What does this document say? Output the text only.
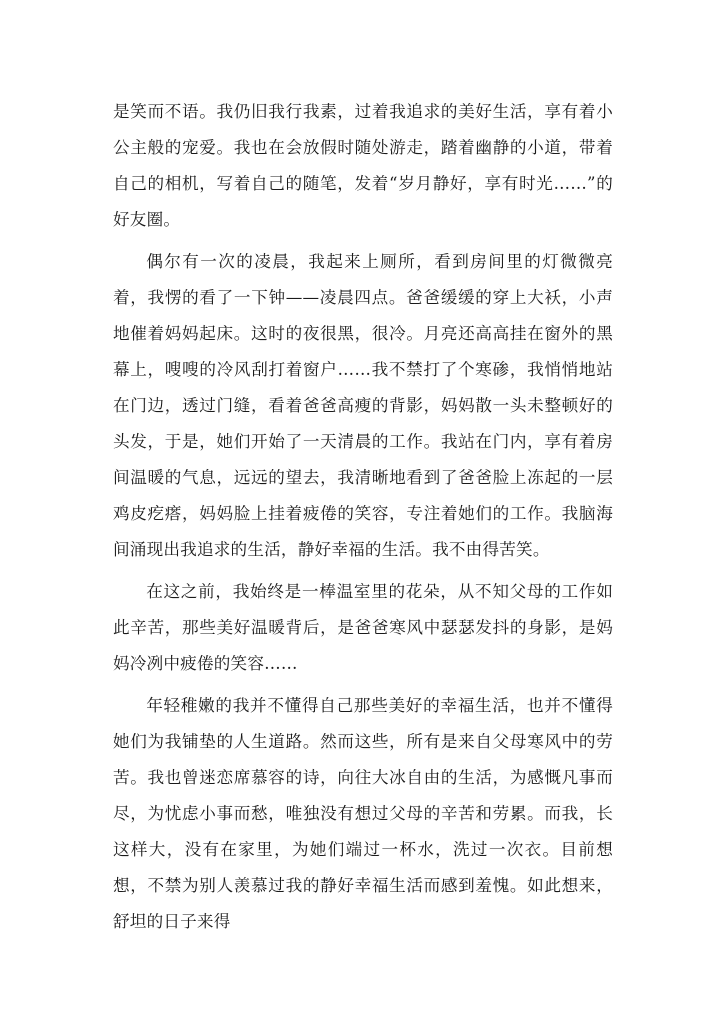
是笑而不语。我仍旧我行我素，过着我追求的美好生活，享有着小公主般的宠爱。我也在会放假时随处游走，踏着幽静的小道，带着自己的相机，写着自己的随笔，发着“岁月静好，享有时光……”的好友圈。

偶尔有一次的凌晨，我起来上厕所，看到房间里的灯微微亮着，我愣的看了一下钟——凌晨四点。爸爸缓缓的穿上大袄，小声地催着妈妈起床。这时的夜很黑，很冷。月亮还高高挂在窗外的黑幕上，嗖嗖的冷风刮打着窗户……我不禁打了个寒碜，我悄悄地站在门边，透过门缝，看着爸爸高瘦的背影，妈妈散一头未整顿好的头发，于是，她们开始了一天清晨的工作。我站在门内，享有着房间温暖的气息，远远的望去，我清晰地看到了爸爸脸上冻起的一层鸡皮疙瘩，妈妈脸上挂着疲倦的笑容，专注着她们的工作。我脑海间涌现出我追求的生活，静好幸福的生活。我不由得苦笑。

在这之前，我始终是一棒温室里的花朵，从不知父母的工作如此辛苦，那些美好温暖背后，是爸爸寒风中瑟瑟发抖的身影，是妈妈冷冽中疲倦的笑容……

年轻稚嫩的我并不懂得自己那些美好的幸福生活，也并不懂得她们为我铺垫的人生道路。然而这些，所有是来自父母寒风中的劳苦。我也曾迷恋席慕容的诗，向往大冰自由的生活，为感慨凡事而尽，为忧虑小事而愁，唯独没有想过父母的辛苦和劳累。而我，长这样大，没有在家里，为她们端过一杯水，洗过一次衣。目前想想，不禁为别人羡慕过我的静好幸福生活而感到羞愧。如此想来，舒坦的日子来得
